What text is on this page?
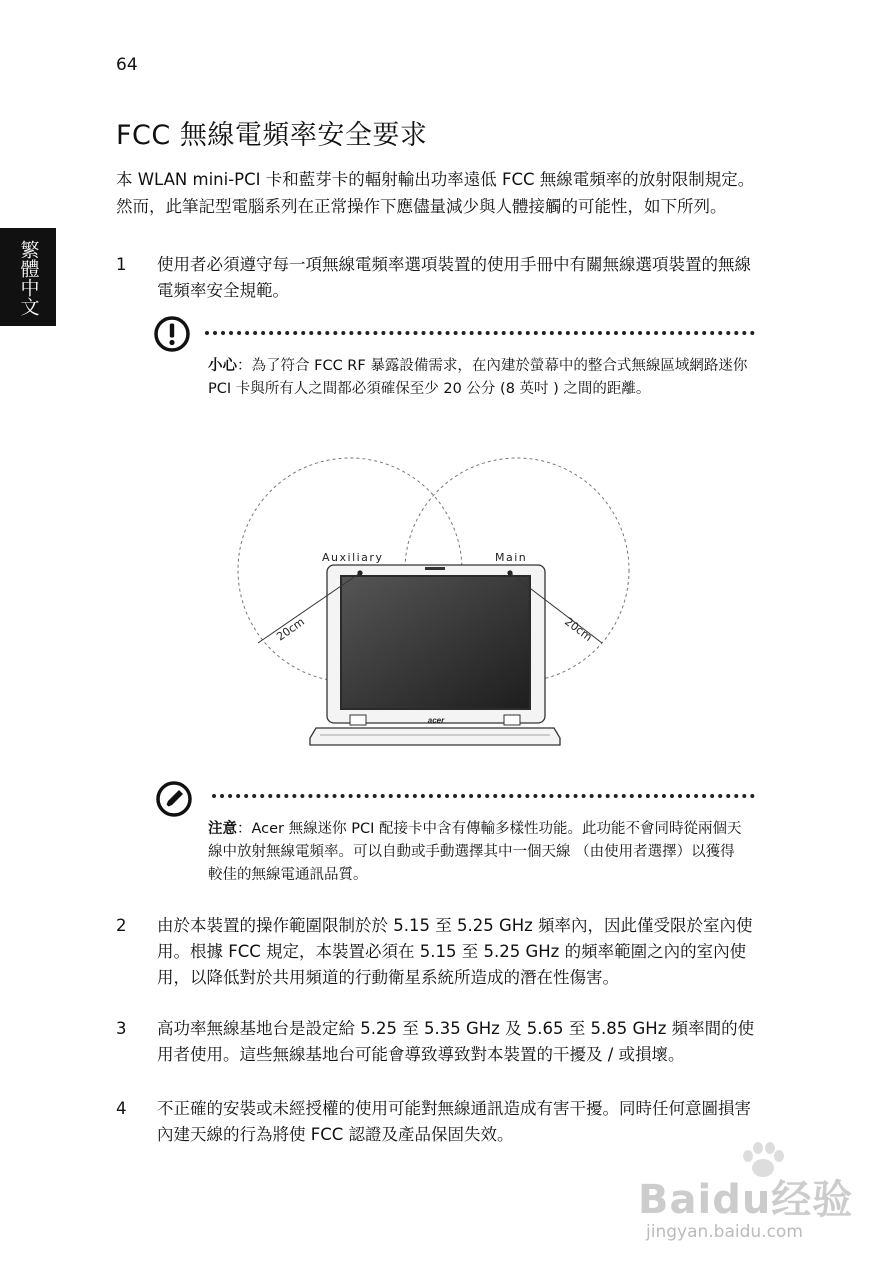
64
FCC 無線電頻率安全要求
繁體中文
本 WLAN mini-PCI 卡和藍芽卡的輻射輸出功率遠低 FCC 無線電頻率的放射限制規定。然而，此筆記型電腦系列在正常操作下應儘量減少與人體接觸的可能性，如下所列。
1 使用者必須遵守每一項無線電頻率選項裝置的使用手冊中有關無線選項裝置的無線電頻率安全規範。
小心：為了符合 FCC RF 暴露設備需求，在內建於螢幕中的整合式無線區域網路迷你 PCI 卡與所有人之間都必須確保至少 20 公分 (8 英吋 ) 之間的距離。
acer
Auxiliary	Main
20cm	20cm
注意：Acer 無線迷你 PCI 配接卡中含有傳輸多樣性功能。此功能不會同時從兩個天線中放射無線電頻率。可以自動或手動選擇其中一個天線 （由使用者選擇）以獲得較佳的無線電通訊品質。
2 由於本裝置的操作範圍限制於於 5.15 至 5.25 GHz 頻率內，因此僅受限於室內使用。根據 FCC 規定，本裝置必須在 5.15 至 5.25 GHz 的頻率範圍之內的室內使用，以降低對於共用頻道的行動衛星系統所造成的潛在性傷害。
3 高功率無線基地台是設定給 5.25 至 5.35 GHz 及 5.65 至 5.85 GHz 頻率間的使用者使用。這些無線基地台可能會導致導致對本裝置的干擾及 / 或損壞。
4 不正確的安裝或未經授權的使用可能對無線通訊造成有害干擾。同時任何意圖損害內建天線的行為將使 FCC 認證及產品保固失效。
Baidu经验
jingyan.baidu.com
